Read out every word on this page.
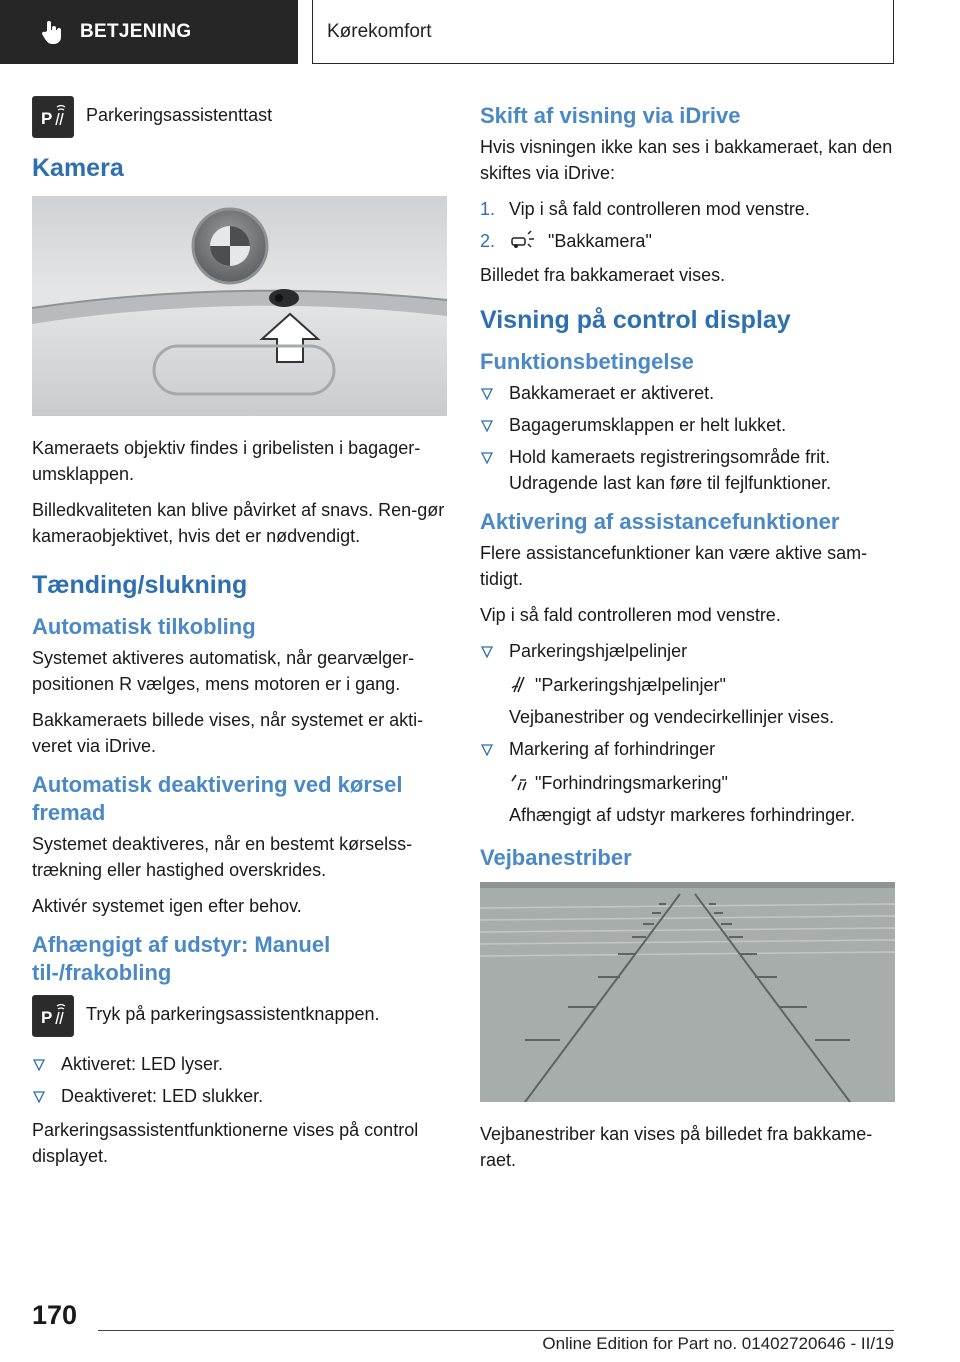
BETJENING	Kørekomfort
P Parkeringsassistenttast
Kamera

Kameraets objektiv findes i gribelisten i bagager-umsklappen.

Billedkvaliteten kan blive påvirket af snavs. Ren-gør kameraobjektivet, hvis det er nødvendigt.

Tænding/slukning
Automatisk tilkobling

Systemet aktiveres automatisk, når gearvælger-positionen R vælges, mens motoren er i gang.

Bakkameraets billede vises, når systemet er akti-veret via iDrive.

Automatisk deaktivering ved kørsel fremad

Systemet deaktiveres, når en bestemt kørselss-trækning eller hastighed overskrides.

Aktivér systemet igen efter behov.

Afhængigt af udstyr: Manuel til-/frakobling
P Tryk på parkeringsassistentknappen.
Aktiveret: LED lyser.
Deaktiveret: LED slukker.

Parkeringsassistentfunktionerne vises på control displayet.

Skift af visning via iDrive

Hvis visningen ikke kan ses i bakkameraet, kan den skiftes via iDrive:

1. Vip i så fald controlleren mod venstre.
2.	"Bakkamera"

Billedet fra bakkameraet vises.

Visning på control display
Funktionsbetingelse
Bakkameraet er aktiveret.
Bagagerumsklappen er helt lukket.
Hold kameraets registreringsområde frit. Udragende last kan føre til fejlfunktioner.
Aktivering af assistancefunktioner

Flere assistancefunktioner kan være aktive sam-tidigt.

Vip i så fald controlleren mod venstre.

Parkeringshjælpelinjer
"Parkeringshjælpelinjer"
Vejbanestriber og vendecirkellinjer vises.
Markering af forhindringer
"Forhindringsmarkering"
Afhængigt af udstyr markeres forhindringer.
Vejbanestriber

Vejbanestriber kan vises på billedet fra bakkame-raet.

170
Online Edition for Part no. 01402720646 - II/19
